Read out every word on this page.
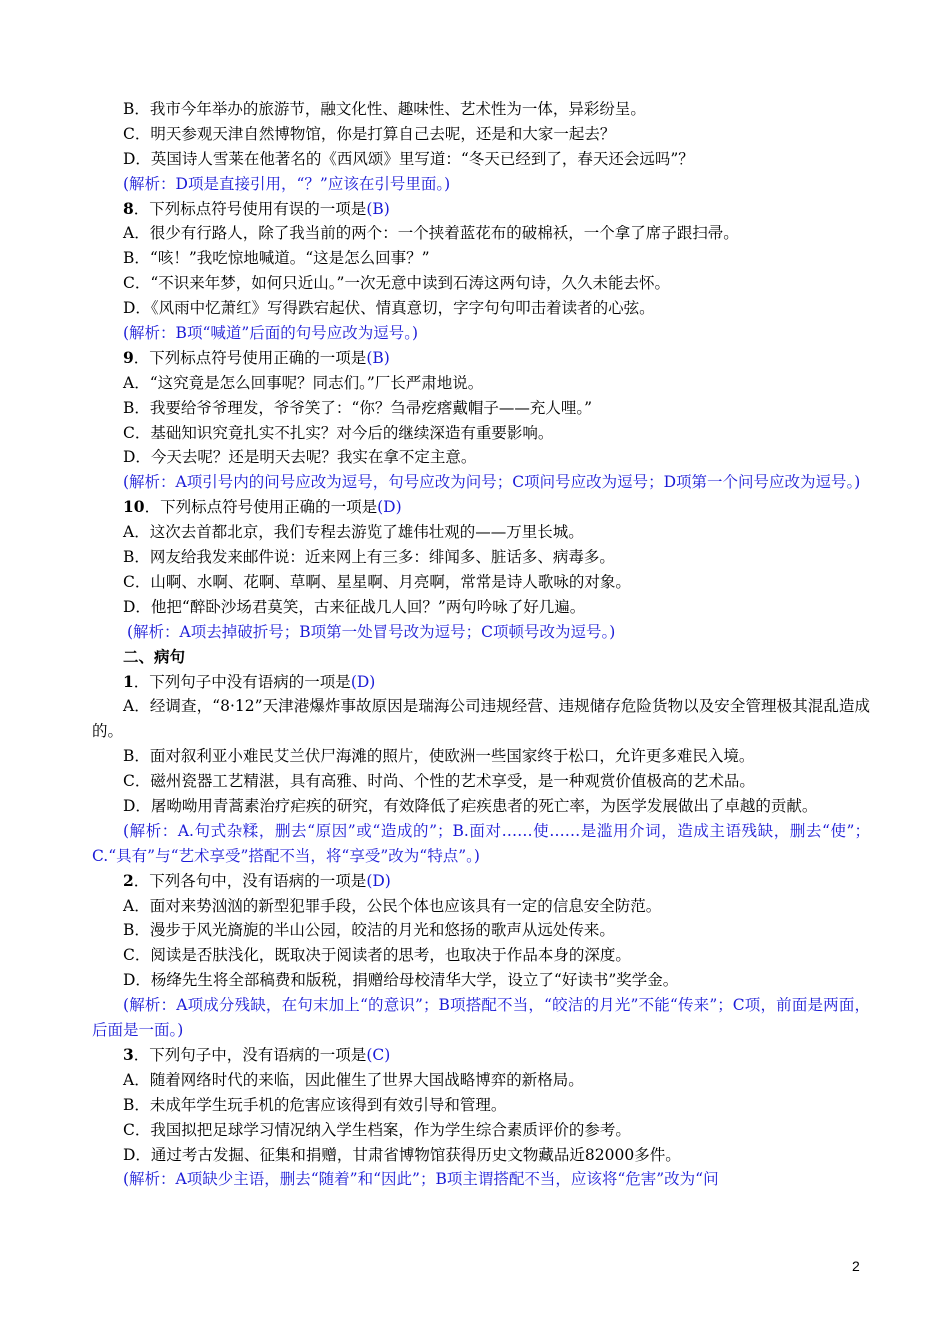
B．我市今年举办的旅游节，融文化性、趣味性、艺术性为一体，异彩纷呈。
C．明天参观天津自然博物馆，你是打算自己去呢，还是和大家一起去？
D．英国诗人雪莱在他著名的《西风颂》里写道：“冬天已经到了，春天还会远吗”？
(解析：D项是直接引用，“？”应该在引号里面。)
8．下列标点符号使用有误的一项是(B)
A．很少有行路人，除了我当前的两个：一个挟着蓝花布的破棉袄，一个拿了席子跟扫帚。
B．“咳！”我吃惊地喊道。“这是怎么回事？”
C．“不识来年梦，如何只近山。”一次无意中读到石涛这两句诗，久久未能去怀。
D．《风雨中忆萧红》写得跌宕起伏、情真意切，字字句句叩击着读者的心弦。
(解析：B项“喊道”后面的句号应改为逗号。)
9．下列标点符号使用正确的一项是(B)
A．“这究竟是怎么回事呢？同志们。”厂长严肃地说。
B．我要给爷爷理发，爷爷笑了：“你？刍帚疙瘩戴帽子——充人哩。”
C．基础知识究竟扎实不扎实？对今后的继续深造有重要影响。
D．今天去呢？还是明天去呢？我实在拿不定主意。
(解析：A项引号内的问号应改为逗号，句号应改为问号；C项问号应改为逗号；D项第一个问号应改为逗号。)
10．下列标点符号使用正确的一项是(D)
A．这次去首都北京，我们专程去游览了雄伟壮观的——万里长城。
B．网友给我发来邮件说：近来网上有三多：绯闻多、脏话多、病毒多。
C．山啊、水啊、花啊、草啊、星星啊、月亮啊，常常是诗人歌咏的对象。
D．他把“醉卧沙场君莫笑，古来征战几人回？”两句吟咏了好几遍。
(解析：A项去掉破折号；B项第一处冒号改为逗号；C项顿号改为逗号。)
二、病句
1．下列句子中没有语病的一项是(D)
A．经调查，“8·12”天津港爆炸事故原因是瑞海公司违规经营、违规储存危险货物以及安全管理极其混乱造成的。
B．面对叙利亚小难民艾兰伏尸海滩的照片，使欧洲一些国家终于松口，允许更多难民入境。
C．磁州瓷器工艺精湛，具有高雅、时尚、个性的艺术享受，是一种观赏价值极高的艺术品。
D．屠呦呦用青蒿素治疗疟疾的研究，有效降低了疟疾患者的死亡率，为医学发展做出了卓越的贡献。
(解析：A.句式杂糅，删去“原因”或“造成的”；B.面对……使……是滥用介词，造成主语残缺，删去“使”；C.“具有”与“艺术享受”搭配不当，将“享受”改为“特点”。)
2．下列各句中，没有语病的一项是(D)
A．面对来势汹汹的新型犯罪手段，公民个体也应该具有一定的信息安全防范。
B．漫步于风光旖旎的半山公园，皎洁的月光和悠扬的歌声从远处传来。
C．阅读是否肤浅化，既取决于阅读者的思考，也取决于作品本身的深度。
D．杨绛先生将全部稿费和版税，捐赠给母校清华大学，设立了“好读书”奖学金。
(解析：A项成分残缺，在句末加上“的意识”；B项搭配不当，“皎洁的月光”不能“传来”；C项，前面是两面，后面是一面。)
3．下列句子中，没有语病的一项是(C)
A．随着网络时代的来临，因此催生了世界大国战略博弈的新格局。
B．未成年学生玩手机的危害应该得到有效引导和管理。
C．我国拟把足球学习情况纳入学生档案，作为学生综合素质评价的参考。
D．通过考古发掘、征集和捐赠，甘肃省博物馆获得历史文物藏品近82000多件。
(解析：A项缺少主语，删去“随着”和“因此”；B项主谓搭配不当，应该将“危害”改为“问
2
